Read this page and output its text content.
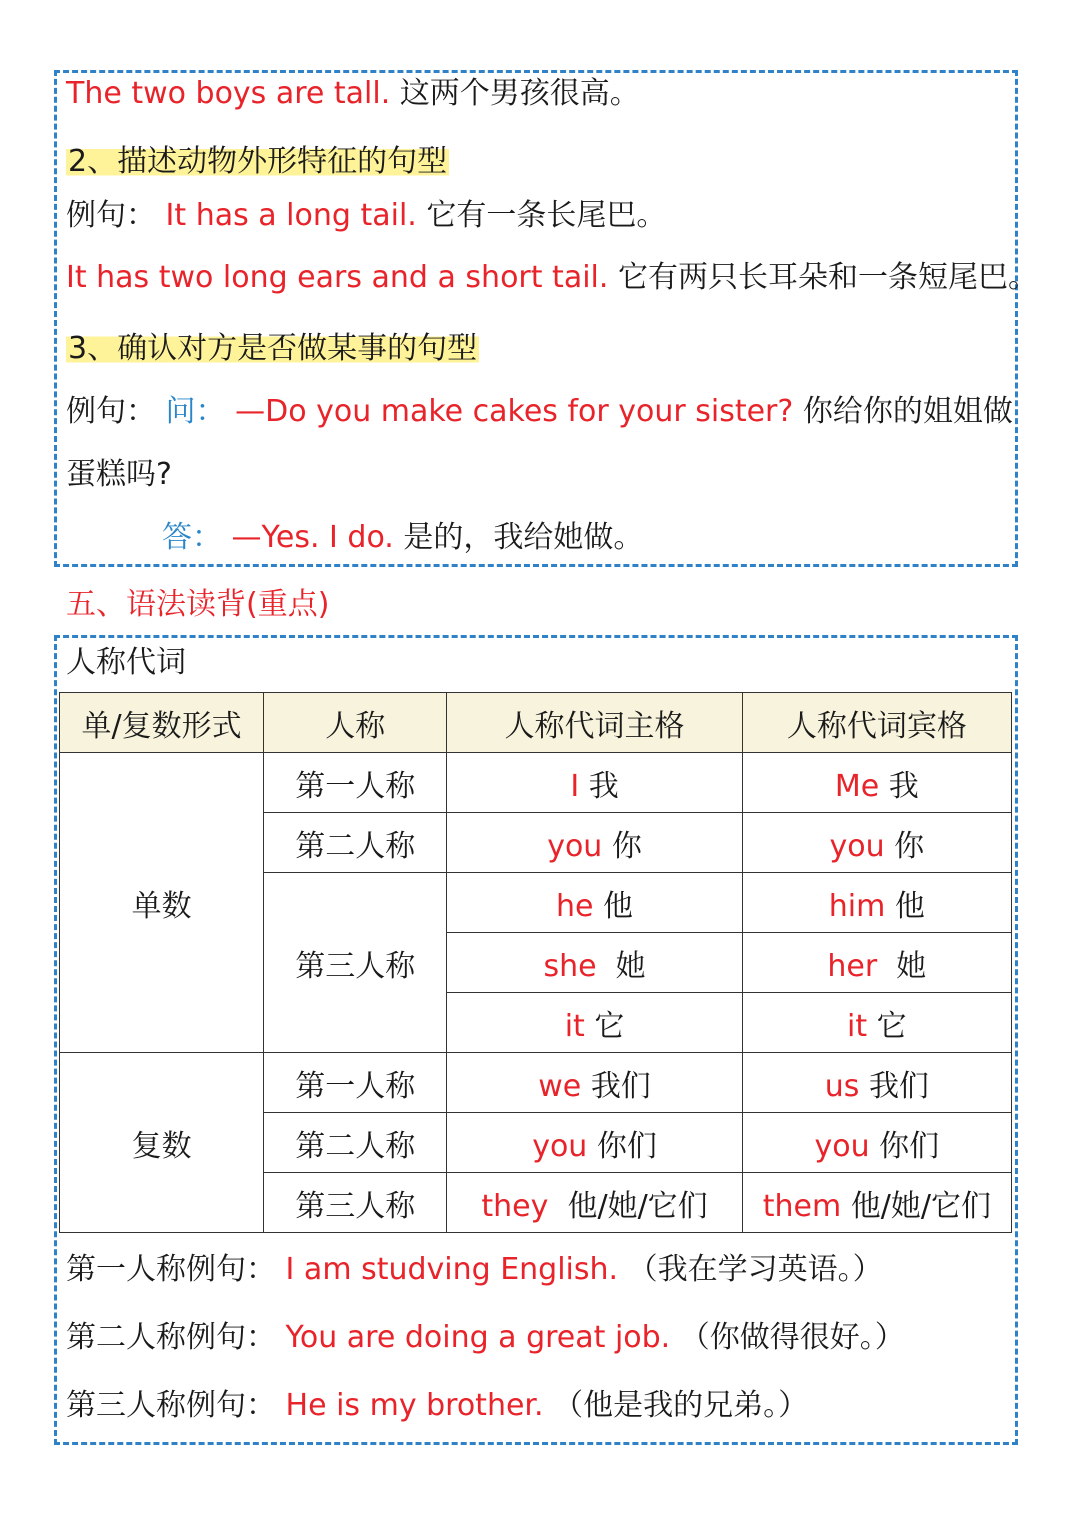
The two boys are tall. 这两个男孩很高。
2、描述动物外形特征的句型
例句： It has a long tail. 它有一条长尾巴。
It has two long ears and a short tail. 它有两只长耳朵和一条短尾巴。
3、确认对方是否做某事的句型
例句： 问： —Do you make cakes for your sister? 你给你的姐姐做
蛋糕吗?
答： —Yes. I do. 是的，我给她做。
五、语法读背(重点)
人称代词
单/复数形式	人称	人称代词主格	人称代词宾格
单数	第一人称	I 我	Me 我
	第二人称	you 你	you 你
	第三人称	he 他	him 他
		she 她	her 她
		it 它	it 它
复数	第一人称	we 我们	us 我们
	第二人称	you 你们	you 你们
	第三人称	they 他/她/它们	them 他/她/它们
第一人称例句： I am studving English. （我在学习英语。）
第二人称例句： You are doing a great job. （你做得很好。）
第三人称例句： He is my brother. （他是我的兄弟。）
